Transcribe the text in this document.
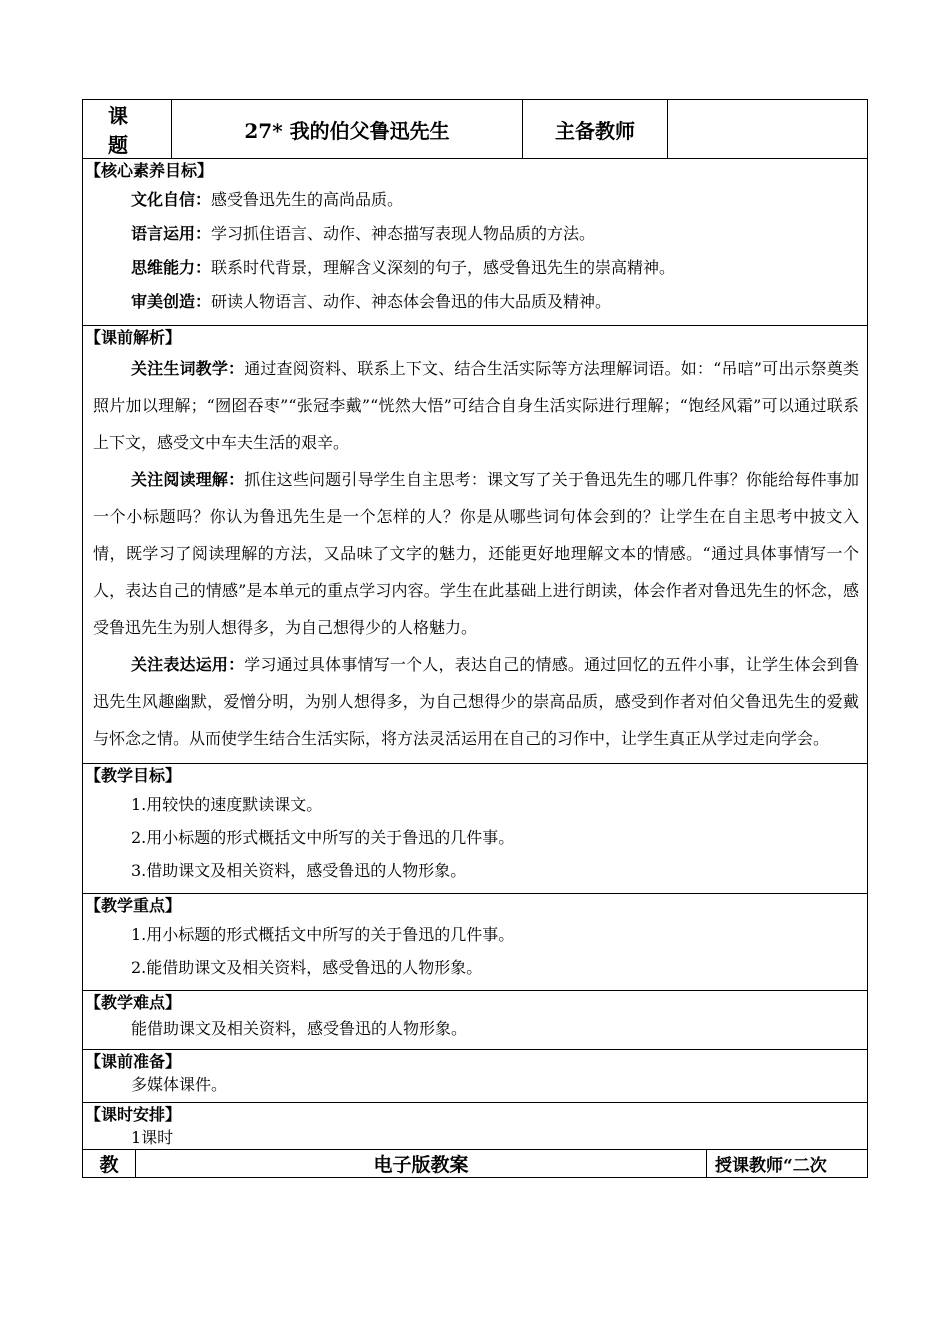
课 题	27* 我的伯父鲁迅先生	主备教师	

【核心素养目标】

文化自信：感受鲁迅先生的高尚品质。

语言运用：学习抓住语言、动作、神态描写表现人物品质的方法。

思维能力：联系时代背景，理解含义深刻的句子，感受鲁迅先生的崇高精神。

审美创造：研读人物语言、动作、神态体会鲁迅的伟大品质及精神。

【课前解析】

关注生词教学：通过查阅资料、联系上下文、结合生活实际等方法理解词语。如：“吊唁”可出示祭奠类照片加以理解；“囫囵吞枣”“张冠李戴”“恍然大悟”可结合自身生活实际进行理解；“饱经风霜”可以通过联系上下文，感受文中车夫生活的艰辛。

关注阅读理解：抓住这些问题引导学生自主思考：课文写了关于鲁迅先生的哪几件事？你能给每件事加一个小标题吗？你认为鲁迅先生是一个怎样的人？你是从哪些词句体会到的？让学生在自主思考中披文入情，既学习了阅读理解的方法，又品味了文字的魅力，还能更好地理解文本的情感。“通过具体事情写一个人，表达自己的情感”是本单元的重点学习内容。学生在此基础上进行朗读，体会作者对鲁迅先生的怀念，感受鲁迅先生为别人想得多，为自己想得少的人格魅力。

关注表达运用：学习通过具体事情写一个人，表达自己的情感。通过回忆的五件小事，让学生体会到鲁迅先生风趣幽默，爱憎分明，为别人想得多，为自己想得少的崇高品质，感受到作者对伯父鲁迅先生的爱戴与怀念之情。从而使学生结合生活实际，将方法灵活运用在自己的习作中，让学生真正从学过走向学会。

【教学目标】

1.用较快的速度默读课文。

2.用小标题的形式概括文中所写的关于鲁迅的几件事。

3.借助课文及相关资料，感受鲁迅的人物形象。

【教学重点】

1.用小标题的形式概括文中所写的关于鲁迅的几件事。

2.能借助课文及相关资料，感受鲁迅的人物形象。

【教学难点】

能借助课文及相关资料，感受鲁迅的人物形象。

【课前准备】

多媒体课件。

【课时安排】

1课时

教	电子版教案	授课教师“二次
